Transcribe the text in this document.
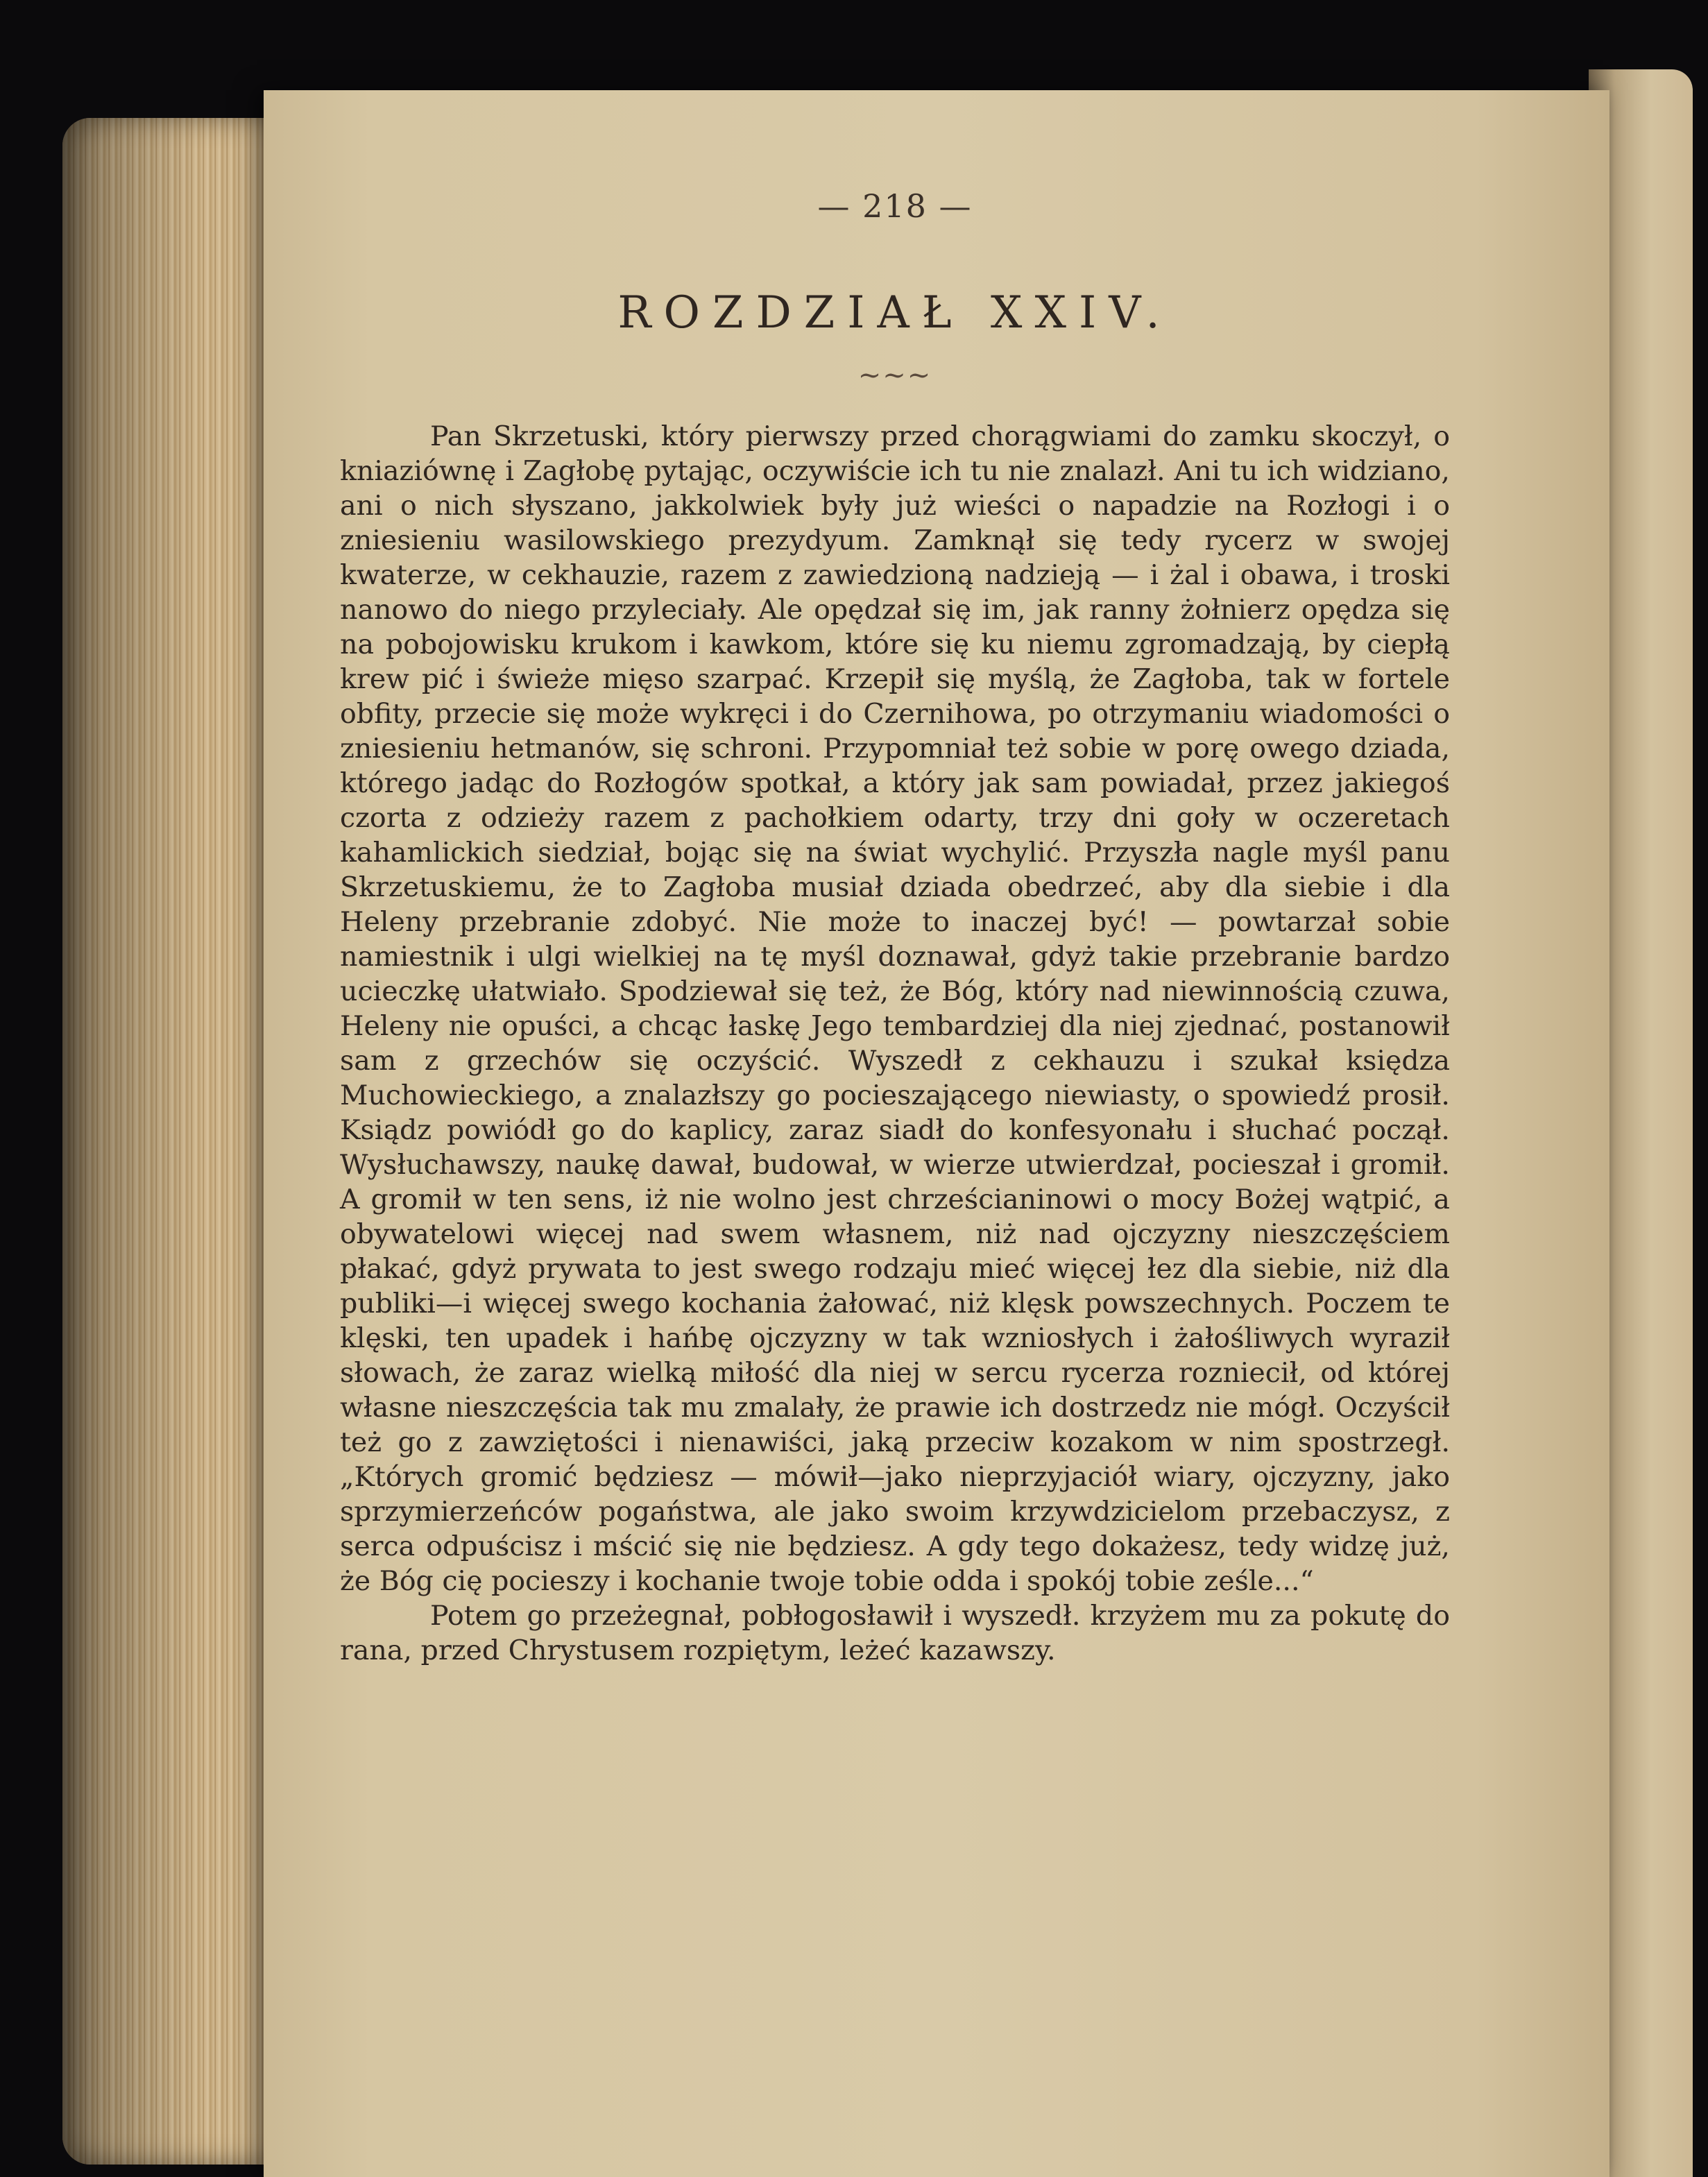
— 218 —
ROZDZIAŁ XXIV.
~~~

Pan Skrzetuski, który pierwszy przed chorągwiami do zamku skoczył, o kniaziównę i Zagłobę pytając, oczywiście ich tu nie znalazł. Ani tu ich widziano, ani o nich słyszano, jakkolwiek były już wieści o napadzie na Rozłogi i o zniesieniu wasilowskiego prezydyum. Zamknął się tedy rycerz w swojej kwaterze, w cekhauzie, razem z zawiedzioną nadzieją — i żal i obawa, i troski nanowo do niego przyleciały. Ale opędzał się im, jak ranny żołnierz opędza się na pobojowisku krukom i kawkom, które się ku niemu zgromadzają, by ciepłą krew pić i świeże mięso szarpać. Krzepił się myślą, że Zagłoba, tak w fortele obfity, przecie się może wykręci i do Czernihowa, po otrzymaniu wiadomości o zniesieniu hetmanów, się schroni. Przypomniał też sobie w porę owego dziada, którego jadąc do Rozłogów spotkał, a który jak sam powiadał, przez jakiegoś czorta z odzieży razem z pachołkiem odarty, trzy dni goły w oczeretach kahamlickich siedział, bojąc się na świat wychylić. Przyszła nagle myśl panu Skrzetuskiemu, że to Zagłoba musiał dziada obedrzeć, aby dla siebie i dla Heleny przebranie zdobyć. Nie może to inaczej być! — powtarzał sobie namiestnik i ulgi wielkiej na tę myśl doznawał, gdyż takie przebranie bardzo ucieczkę ułatwiało. Spodziewał się też, że Bóg, który nad niewinnością czuwa, Heleny nie opuści, a chcąc łaskę Jego tembardziej dla niej zjednać, postanowił sam z grzechów się oczyścić. Wyszedł z cekhauzu i szukał księdza Muchowieckiego, a znalazłszy go pocieszającego niewiasty, o spowiedź prosił. Ksiądz powiódł go do kaplicy, zaraz siadł do konfesyonału i słuchać począł. Wysłuchawszy, naukę dawał, budował, w wierze utwierdzał, pocieszał i gromił. A gromił w ten sens, iż nie wolno jest chrześcianinowi o mocy Bożej wątpić, a obywatelowi więcej nad swem własnem, niż nad ojczyzny nieszczęściem płakać, gdyż prywata to jest swego rodzaju mieć więcej łez dla siebie, niż dla publiki—i więcej swego kochania żałować, niż klęsk powszechnych. Poczem te klęski, ten upadek i hańbę ojczyzny w tak wzniosłych i żałośliwych wyraził słowach, że zaraz wielką miłość dla niej w sercu rycerza rozniecił, od której własne nieszczęścia tak mu zmalały, że prawie ich dostrzedz nie mógł. Oczyścił też go z zawziętości i nienawiści, jaką przeciw kozakom w nim spostrzegł. „Których gromić będziesz — mówił—jako nieprzyjaciół wiary, ojczyzny, jako sprzymierzeńców pogaństwa, ale jako swoim krzywdzicielom przebaczysz, z serca odpuścisz i mścić się nie będziesz. A gdy tego dokażesz, tedy widzę już, że Bóg cię pocieszy i kochanie twoje tobie odda i spokój tobie ześle...“

Potem go przeżegnał, pobłogosławił i wyszedł. krzyżem mu za pokutę do rana, przed Chrystusem rozpiętym, leżeć kazawszy.
